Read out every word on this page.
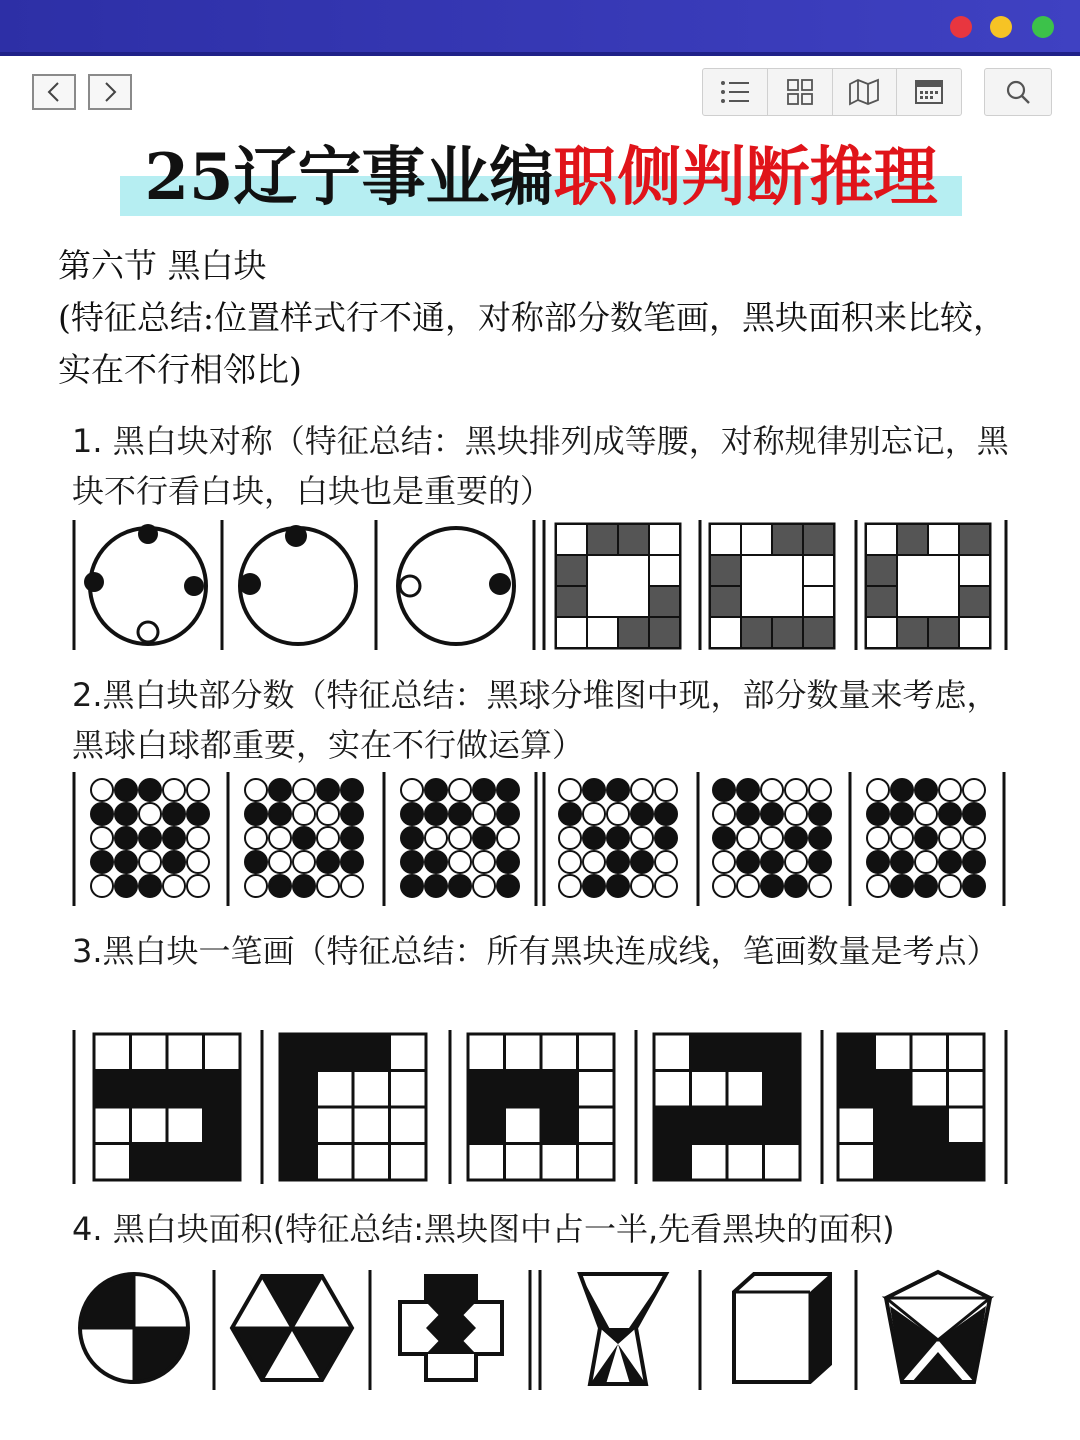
25辽宁事业编职侧判断推理
第六节 黑白块
(特征总结:位置样式行不通，对称部分数笔画，黑块面积来比较，实在不行相邻比)
1. 黑白块对称（特征总结：黑块排列成等腰，对称规律别忘记，黑块不行看白块，白块也是重要的）
2.黑白块部分数（特征总结：黑球分堆图中现，部分数量来考虑，黑球白球都重要，实在不行做运算）
3.黑白块一笔画（特征总结：所有黑块连成线，笔画数量是考点）
4. 黑白块面积(特征总结:黑块图中占一半,先看黑块的面积)
